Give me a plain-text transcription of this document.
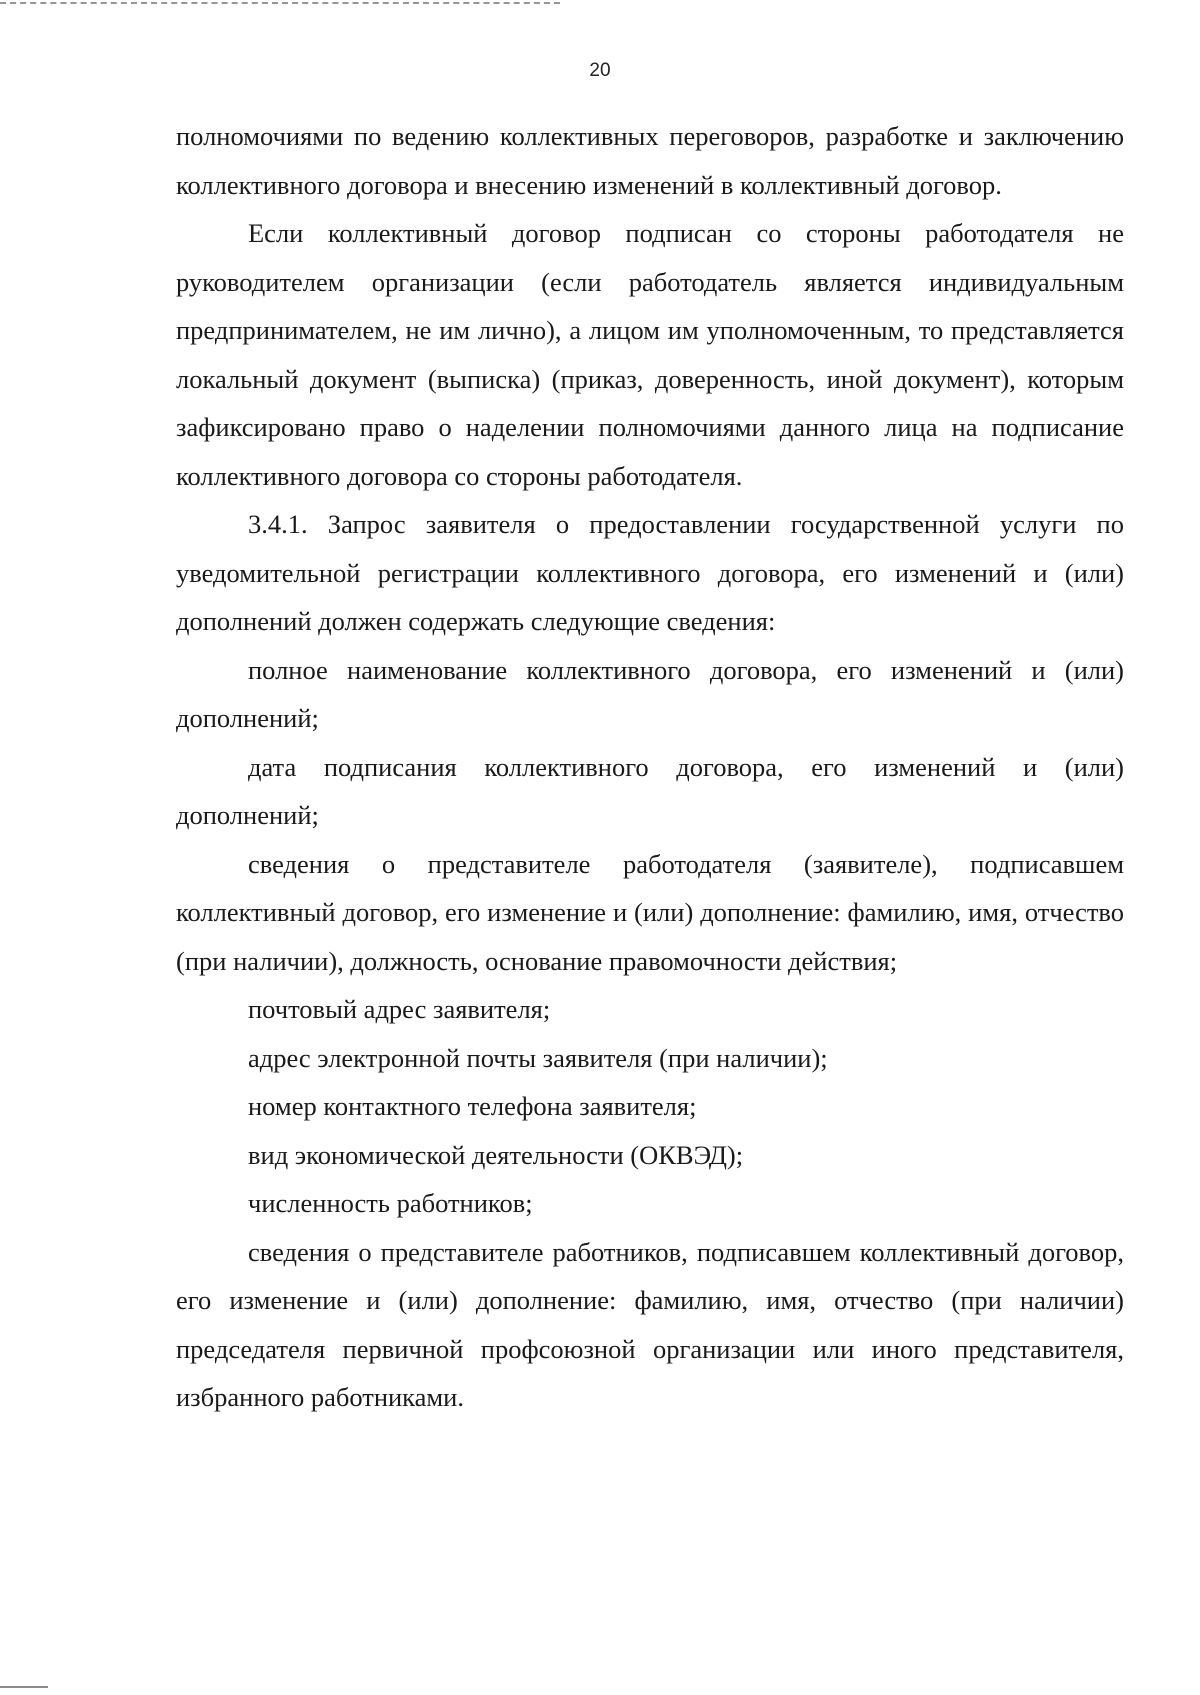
20

полномочиями по ведению коллективных переговоров, разработке и заключению коллективного договора и внесению изменений в коллективный договор.

Если коллективный договор подписан со стороны работодателя не руководителем организации (если работодатель является индивидуальным предпринимателем, не им лично), а лицом им уполномоченным, то представляется локальный документ (выписка) (приказ, доверенность, иной документ), которым зафиксировано право о наделении полномочиями данного лица на подписание коллективного договора со стороны работодателя.

3.4.1. Запрос заявителя о предоставлении государственной услуги по уведомительной регистрации коллективного договора, его изменений и (или) дополнений должен содержать следующие сведения:

полное наименование коллективного договора, его изменений и (или) дополнений;

дата подписания коллективного договора, его изменений и (или) дополнений;

сведения о представителе работодателя (заявителе), подписавшем коллективный договор, его изменение и (или) дополнение: фамилию, имя, отчество (при наличии), должность, основание правомочности действия;

почтовый адрес заявителя;

адрес электронной почты заявителя (при наличии);

номер контактного телефона заявителя;

вид экономической деятельности (ОКВЭД);

численность работников;

сведения о представителе работников, подписавшем коллективный договор, его изменение и (или) дополнение: фамилию, имя, отчество (при наличии) председателя первичной профсоюзной организации или иного представителя, избранного работниками.
